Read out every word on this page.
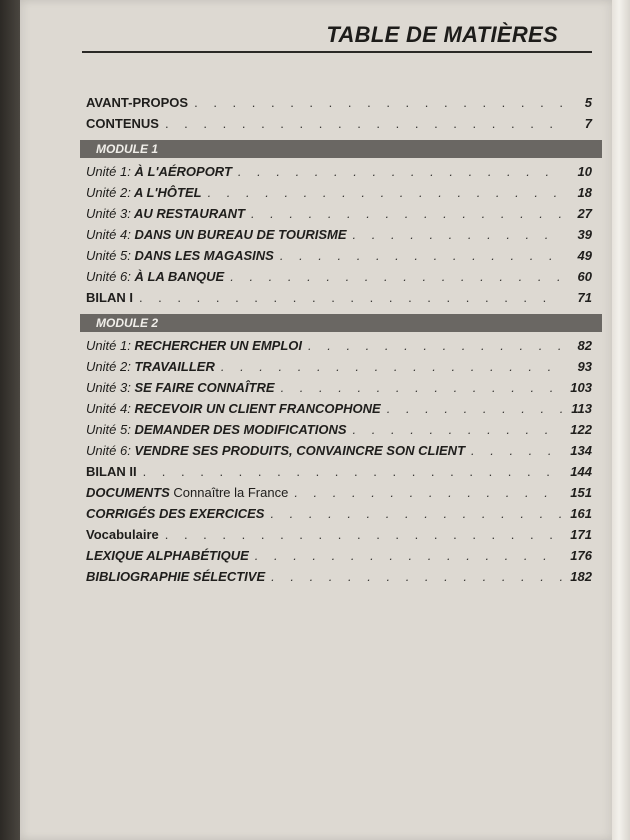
TABLE DE MATIÈRES
AVANT-PROPOS . . .	5
CONTENUS . . .	7
MODULE 1
Unité 1: À L'AÉROPORT . . .	10
Unité 2: A L'HÔTEL . . .	18
Unité 3: AU RESTAURANT . . .	27
Unité 4: DANS UN BUREAU DE TOURISME . . .	39
Unité 5: DANS LES MAGASINS . . .	49
Unité 6: À LA BANQUE . . .	60
BILAN I . . .	71
MODULE 2
Unité 1: RECHERCHER UN EMPLOI . . .	82
Unité 2: TRAVAILLER . . .	93
Unité 3: SE FAIRE CONNAÎTRE . . .	103
Unité 4: RECEVOIR UN CLIENT FRANCOPHONE . . .	113
Unité 5: DEMANDER DES MODIFICATIONS . . .	122
Unité 6: VENDRE SES PRODUITS, CONVAINCRE SON CLIENT . . .	134
BILAN II . . .	144
DOCUMENTS Connaître la France . . .	151
CORRIGÉS DES EXERCICES . . .	161
Vocabulaire . . .	171
LEXIQUE ALPHABÉTIQUE . . .	176
BIBLIOGRAPHIE SÉLECTIVE . . .	182
